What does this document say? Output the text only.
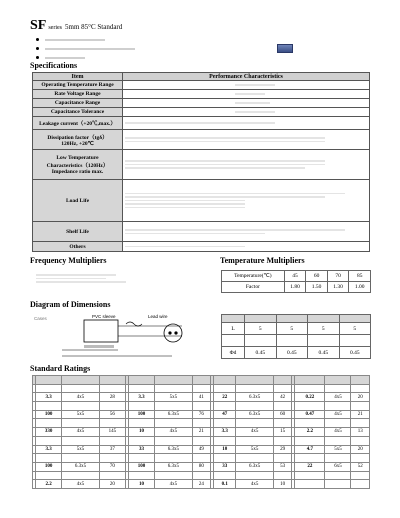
SF series 5mm 85°C Standard
Specifications
Item	Performance Characteristics
Operating Temperature Range	

Rate Voltage Range	

Capacitance Range	

Capacitance Tolerance	

Leakage current（+20℃,max.）	

Dissipation factor（tgδ）
120Hz, +20℃	

Low Temperature
Characteristics（120Hz）
Impedance ratio max.	

Load Life	

Shelf Life	

Others	
Frequency Multipliers	Temperature Multipliers
Temperature(℃)	45	60	70	85
Factor	1.80	1.50	1.30	1.00
Diagram of Dimensions
Cases	PVC sleeve	Lead wire

L	5	5	5	5

Φd	0.45	0.45	0.45	0.45
Standard Ratings

	3.3	4x5	28		3.3	5x5	41		22	6.3x5	42		0.22	4x5	20

	100	5x5	56		100	6.3x5	76		47	6.3x5	60		0.47	4x5	21

	330	4x5	145		10	4x5	21		3.3	4x5	15		2.2	4x5	13

	3.3	5x5	37		33	6.3x5	49		10	5x5	29		4.7	5x5	20

	100	6.3x5	70		100	6.3x5	80		33	6.3x5	53		22	6x5	52

	2.2	4x5	20		10	4x5	24		0.1	4x5	10				
